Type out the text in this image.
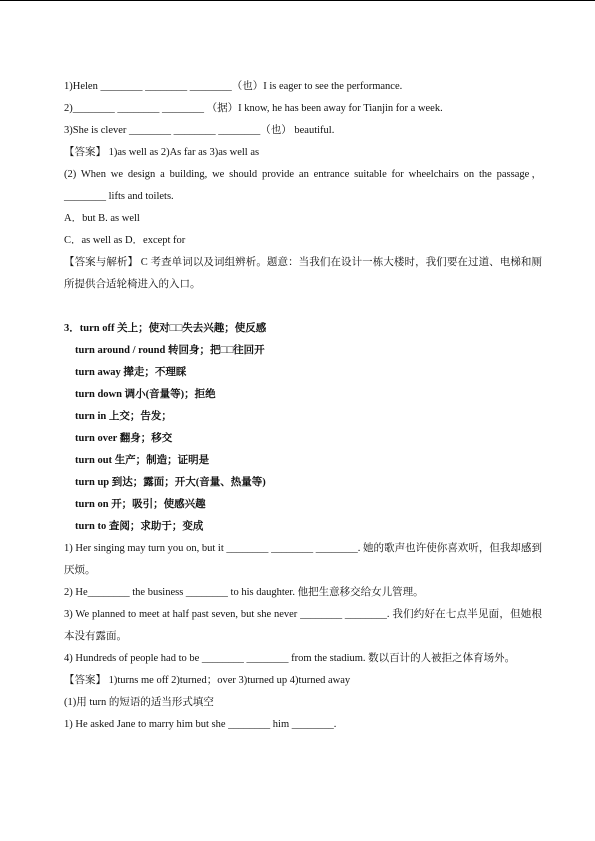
1)Helen ________ ________ ________（也）I is eager to see the performance.
2)________ ________ ________ （据）I know, he has been away for Tianjin for a week.
3)She is clever ________ ________ ________（也） beautiful.
【答案】 1)as well as 2)As far as 3)as well as
(2) When we design a building, we should provide an entrance suitable for wheelchairs on the passage，________ lifts and toilets.
A．but B. as well
C．as well as D．except for
【答案与解析】 C 考查单词以及词组辨析。题意：当我们在设计一栋大楼时，我们要在过道、电梯和厕所提供合适轮椅进入的入口。
3．turn off 关上；使对□□失去兴趣；使反感
turn around / round 转回身；把□□往回开
turn away 撵走；不理睬
turn down 调小(音量等)；拒绝
turn in 上交；告发；
turn over 翻身；移交
turn out 生产；制造；证明是
turn up 到达；露面；开大(音量、热量等)
turn on 开；吸引；使感兴趣
turn to 查阅；求助于；变成
1) Her singing may turn you on, but it ________ ________ ________. 她的歌声也许使你喜欢听，但我却感到厌烦。
2) He________ the business ________ to his daughter. 他把生意移交给女儿管理。
3) We planned to meet at half past seven, but she never ________ ________. 我们约好在七点半见面，但她根本没有露面。
4) Hundreds of people had to be ________ ________ from the stadium. 数以百计的人被拒之体育场外。
【答案】 1)turns me off 2)turned；over 3)turned up 4)turned away
(1)用 turn 的短语的适当形式填空
1) He asked Jane to marry him but she ________ him ________.
